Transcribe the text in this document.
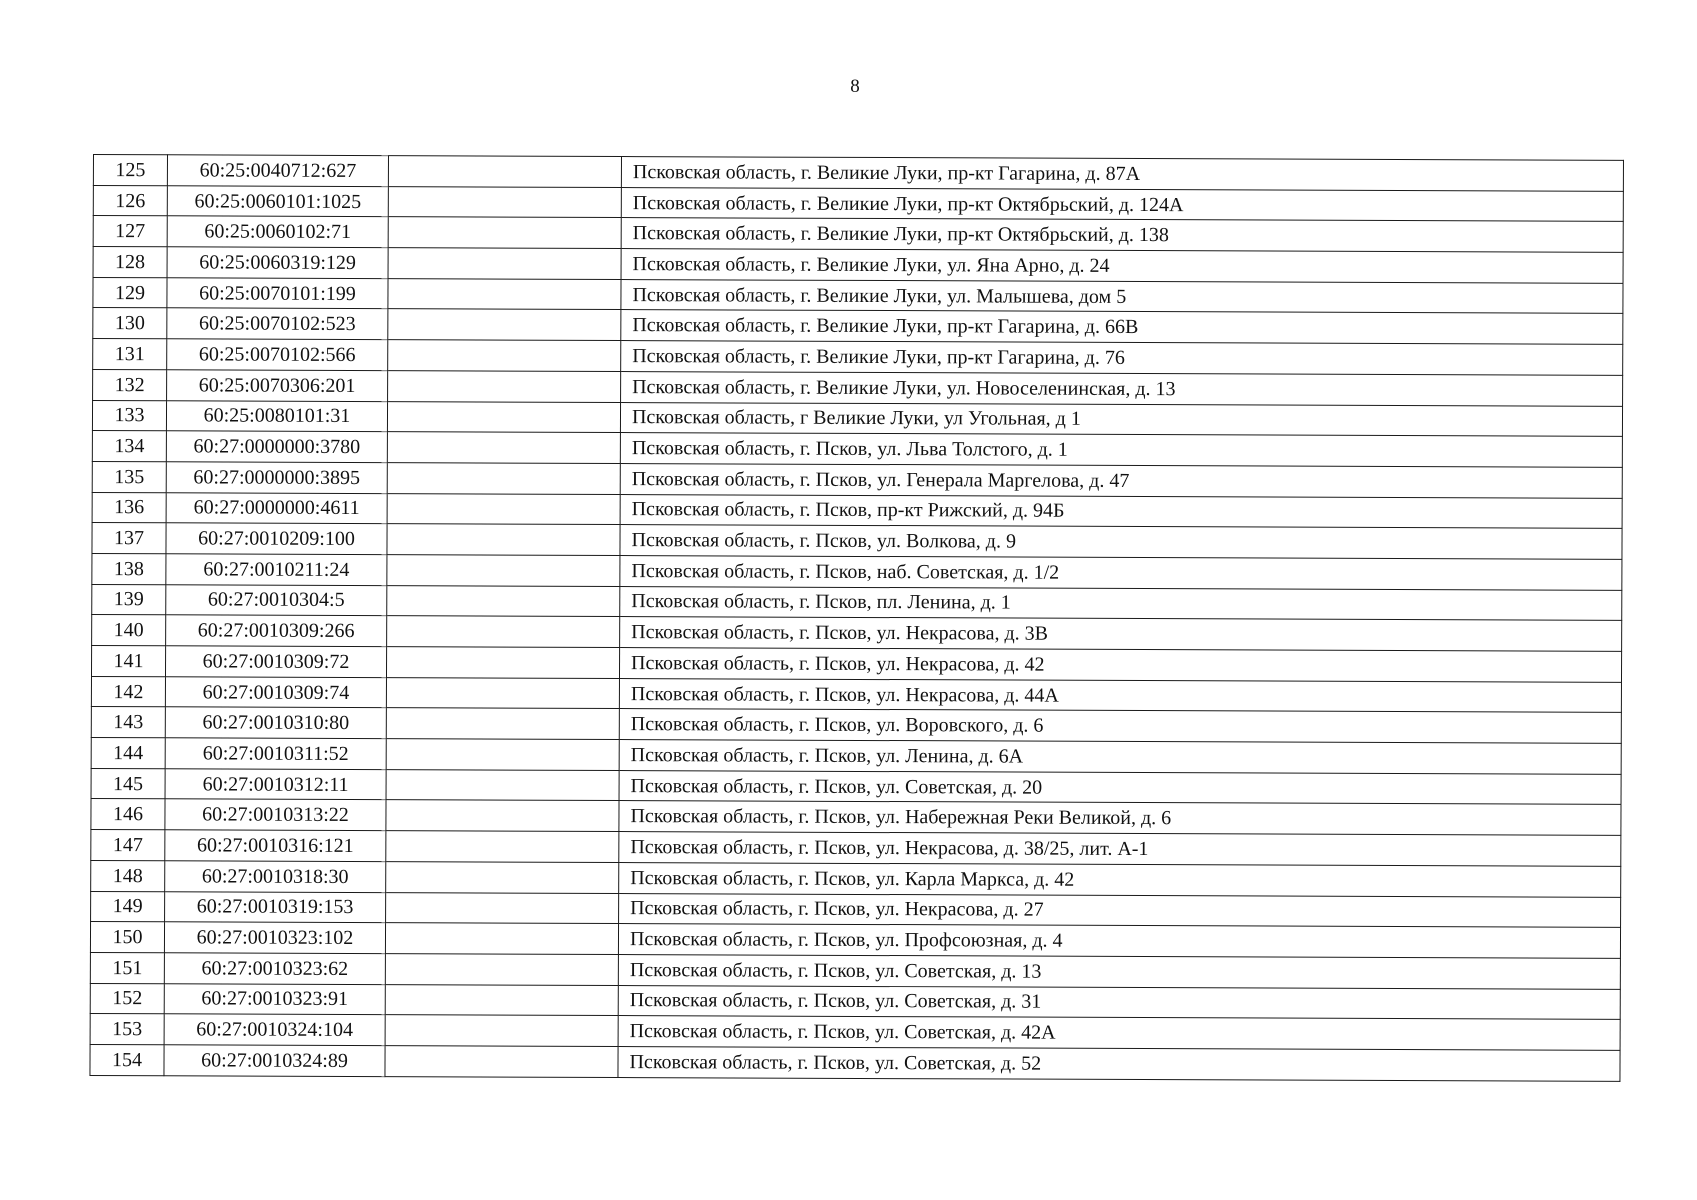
8
125	60:25:0040712:627		Псковская область, г. Великие Луки, пр-кт Гагарина, д. 87А
126	60:25:0060101:1025		Псковская область, г. Великие Луки, пр-кт Октябрьский, д. 124А
127	60:25:0060102:71		Псковская область, г. Великие Луки, пр-кт Октябрьский, д. 138
128	60:25:0060319:129		Псковская область, г. Великие Луки, ул. Яна Арно, д. 24
129	60:25:0070101:199		Псковская область, г. Великие Луки, ул. Малышева, дом 5
130	60:25:0070102:523		Псковская область, г. Великие Луки, пр-кт Гагарина, д. 66В
131	60:25:0070102:566		Псковская область, г. Великие Луки, пр-кт Гагарина, д. 76
132	60:25:0070306:201		Псковская область, г. Великие Луки, ул. Новоселенинская, д. 13
133	60:25:0080101:31		Псковская область, г Великие Луки, ул Угольная, д 1
134	60:27:0000000:3780		Псковская область, г. Псков, ул. Льва Толстого, д. 1
135	60:27:0000000:3895		Псковская область, г. Псков, ул. Генерала Маргелова, д. 47
136	60:27:0000000:4611		Псковская область, г. Псков, пр-кт Рижский, д. 94Б
137	60:27:0010209:100		Псковская область, г. Псков, ул. Волкова, д. 9
138	60:27:0010211:24		Псковская область, г. Псков, наб. Советская, д. 1/2
139	60:27:0010304:5		Псковская область, г. Псков, пл. Ленина, д. 1
140	60:27:0010309:266		Псковская область, г. Псков, ул. Некрасова, д. 3В
141	60:27:0010309:72		Псковская область, г. Псков, ул. Некрасова, д. 42
142	60:27:0010309:74		Псковская область, г. Псков, ул. Некрасова, д. 44А
143	60:27:0010310:80		Псковская область, г. Псков, ул. Воровского, д. 6
144	60:27:0010311:52		Псковская область, г. Псков, ул. Ленина, д. 6А
145	60:27:0010312:11		Псковская область, г. Псков, ул. Советская, д. 20
146	60:27:0010313:22		Псковская область, г. Псков, ул. Набережная Реки Великой, д. 6
147	60:27:0010316:121		Псковская область, г. Псков, ул. Некрасова, д. 38/25, лит. А-1
148	60:27:0010318:30		Псковская область, г. Псков, ул. Карла Маркса, д. 42
149	60:27:0010319:153		Псковская область, г. Псков, ул. Некрасова, д. 27
150	60:27:0010323:102		Псковская область, г. Псков, ул. Профсоюзная, д. 4
151	60:27:0010323:62		Псковская область, г. Псков, ул. Советская, д. 13
152	60:27:0010323:91		Псковская область, г. Псков, ул. Советская, д. 31
153	60:27:0010324:104		Псковская область, г. Псков, ул. Советская, д. 42А
154	60:27:0010324:89		Псковская область, г. Псков, ул. Советская, д. 52
